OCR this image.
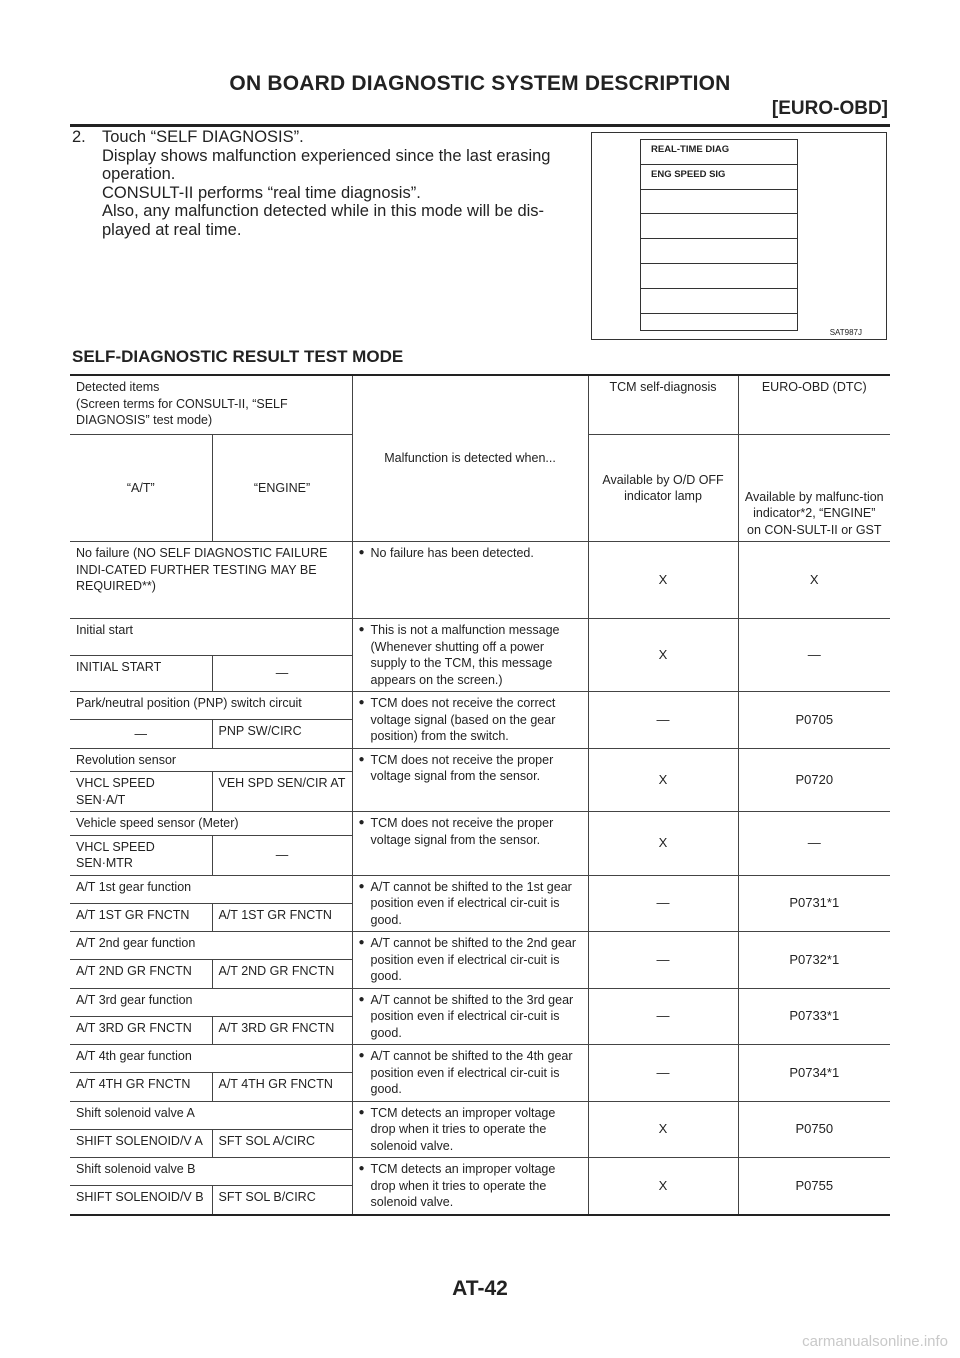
ON BOARD DIAGNOSTIC SYSTEM DESCRIPTION
[EURO-OBD]
2. Touch “SELF DIAGNOSIS”.
Display shows malfunction experienced since the last erasing
operation.
CONSULT-II performs “real time diagnosis”.
Also, any malfunction detected while in this mode will be dis-
played at real time.
REAL-TIME DIAG
ENG SPEED SIG
SAT987J
SELF-DIAGNOSTIC RESULT TEST MODE
Detected items
(Screen terms for CONSULT-II, “SELF DIAGNOSIS” test mode)		Malfunction is detected when...	TCM self-diagnosis	EURO-OBD (DTC)
“A/T”	“ENGINE”		Available by O/D OFF indicator lamp	Available by malfunc-tion indicator*2, “ENGINE” on CON-SULT-II or GST
No failure (NO SELF DIAGNOSTIC FAILURE INDI-CATED FURTHER TESTING MAY BE REQUIRED**)		● No failure has been detected.	X	X
Initial start		● This is not a malfunction message (Whenever shutting off a power supply to the TCM, this message appears on the screen.)	X	—
INITIAL START	—			
Park/neutral position (PNP) switch circuit		● TCM does not receive the correct voltage signal (based on the gear position) from the switch.	—	P0705
—	PNP SW/CIRC			
Revolution sensor		● TCM does not receive the proper voltage signal from the sensor.	X	P0720
VHCL SPEED SEN·A/T	VEH SPD SEN/CIR AT			
Vehicle speed sensor (Meter)		● TCM does not receive the proper voltage signal from the sensor.	X	—
VHCL SPEED SEN·MTR	—			
A/T 1st gear function		● A/T cannot be shifted to the 1st gear position even if electrical cir-cuit is good.	—	P0731*1
A/T 1ST GR FNCTN	A/T 1ST GR FNCTN			
A/T 2nd gear function		● A/T cannot be shifted to the 2nd gear position even if electrical cir-cuit is good.	—	P0732*1
A/T 2ND GR FNCTN	A/T 2ND GR FNCTN			
A/T 3rd gear function		● A/T cannot be shifted to the 3rd gear position even if electrical cir-cuit is good.	—	P0733*1
A/T 3RD GR FNCTN	A/T 3RD GR FNCTN			
A/T 4th gear function		● A/T cannot be shifted to the 4th gear position even if electrical cir-cuit is good.	—	P0734*1
A/T 4TH GR FNCTN	A/T 4TH GR FNCTN			
Shift solenoid valve A		● TCM detects an improper voltage drop when it tries to operate the solenoid valve.	X	P0750
SHIFT SOLENOID/V A	SFT SOL A/CIRC			
Shift solenoid valve B		● TCM detects an improper voltage drop when it tries to operate the solenoid valve.	X	P0755
SHIFT SOLENOID/V B	SFT SOL B/CIRC			
AT-42
carmanualsonline.info
